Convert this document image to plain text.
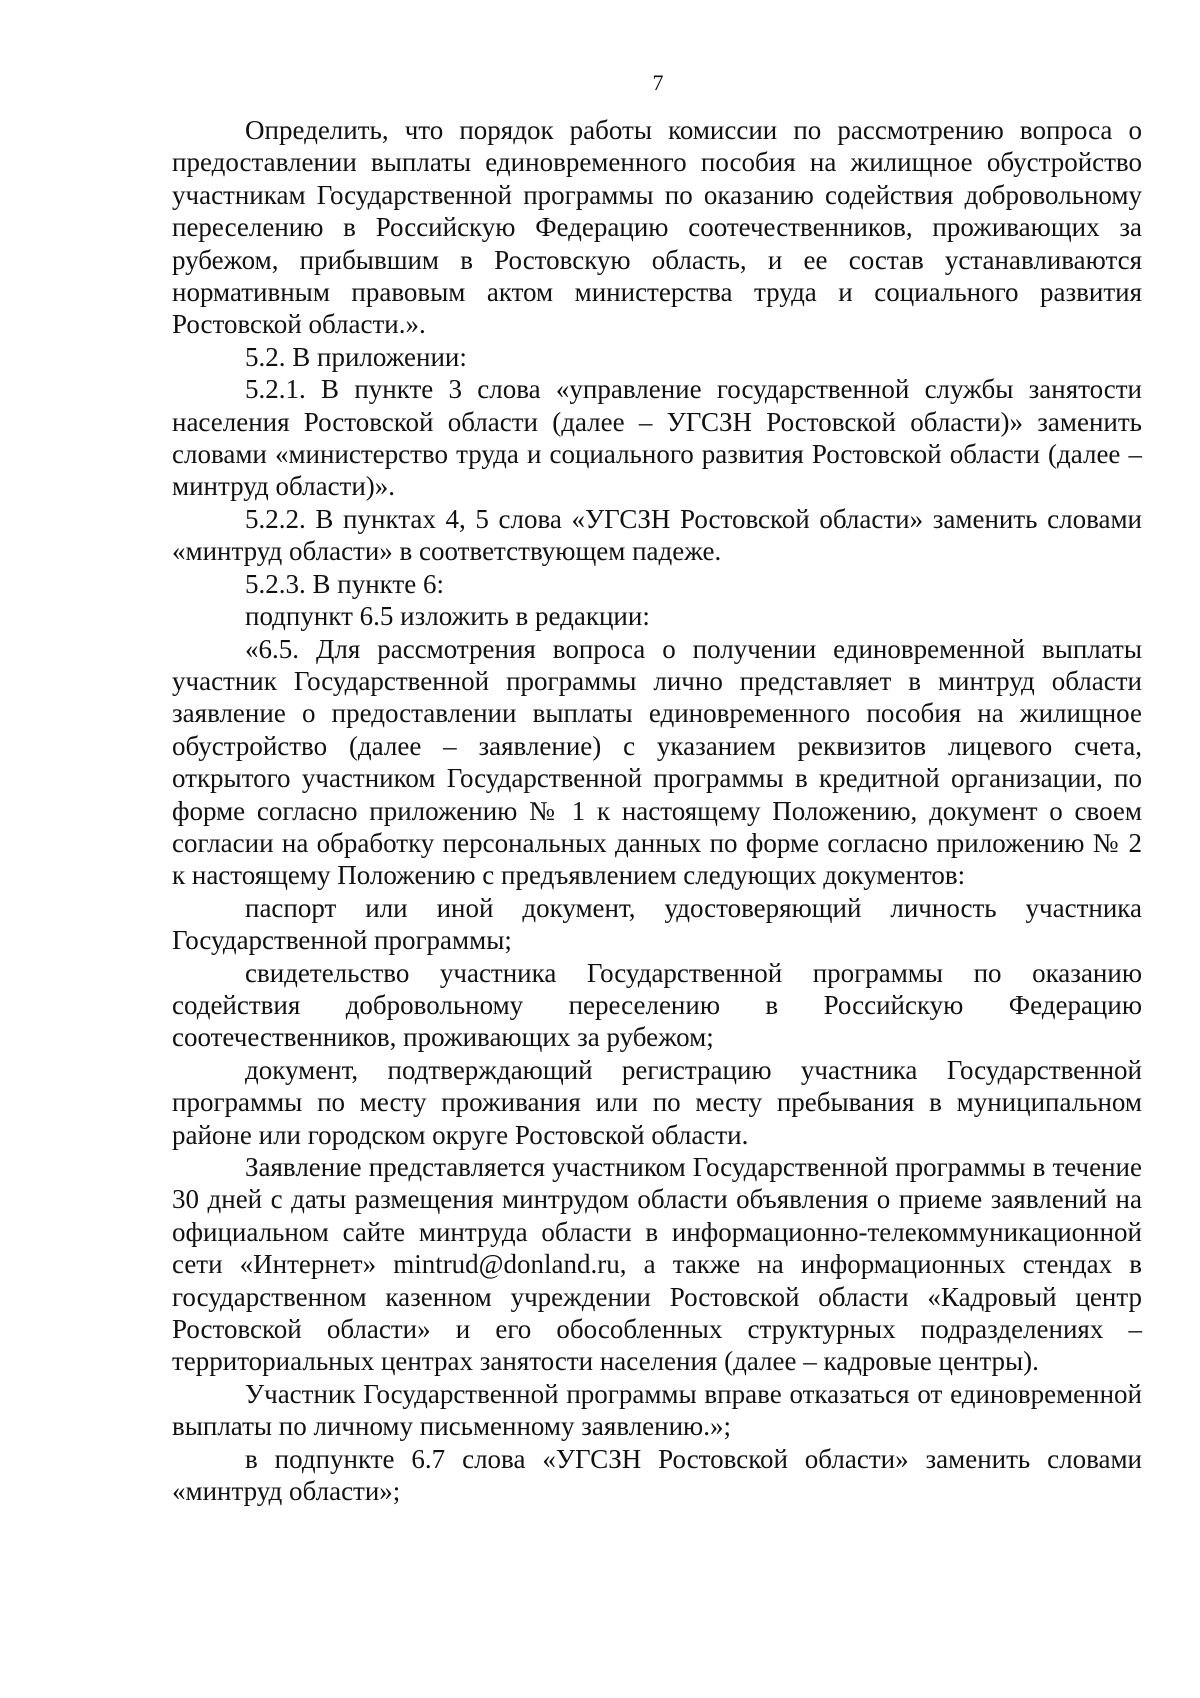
7

Определить, что порядок работы комиссии по рассмотрению вопроса о предоставлении выплаты единовременного пособия на жилищное обустройство участникам Государственной программы по оказанию содействия добровольному переселению в Российскую Федерацию соотечественников, проживающих за рубежом, прибывшим в Ростовскую область, и ее состав устанавливаются нормативным правовым актом министерства труда и социального развития Ростовской области.».

5.2. В приложении:

5.2.1. В пункте 3 слова «управление государственной службы занятости населения Ростовской области (далее – УГСЗН Ростовской области)» заменить словами «министерство труда и социального развития Ростовской области (далее – минтруд области)».

5.2.2. В пунктах 4, 5 слова «УГСЗН Ростовской области» заменить словами «минтруд области» в соответствующем падеже.

5.2.3. В пункте 6:

подпункт 6.5 изложить в редакции:

«6.5. Для рассмотрения вопроса о получении единовременной выплаты участник Государственной программы лично представляет в минтруд области заявление о предоставлении выплаты единовременного пособия на жилищное обустройство (далее – заявление) с указанием реквизитов лицевого счета, открытого участником Государственной программы в кредитной организации, по форме согласно приложению № 1 к настоящему Положению, документ о своем согласии на обработку персональных данных по форме согласно приложению № 2 к настоящему Положению с предъявлением следующих документов:

паспорт или иной документ, удостоверяющий личность участника Государственной программы;

свидетельство участника Государственной программы по оказанию содействия добровольному переселению в Российскую Федерацию соотечественников, проживающих за рубежом;

документ, подтверждающий регистрацию участника Государственной программы по месту проживания или по месту пребывания в муниципальном районе или городском округе Ростовской области.

Заявление представляется участником Государственной программы в течение 30 дней с даты размещения минтрудом области объявления о приеме заявлений на официальном сайте минтруда области в информационно-телекоммуникационной сети «Интернет» mintrud@donland.ru, а также на информационных стендах в государственном казенном учреждении Ростовской области «Кадровый центр Ростовской области» и его обособленных структурных подразделениях – территориальных центрах занятости населения (далее – кадровые центры).

Участник Государственной программы вправе отказаться от единовременной выплаты по личному письменному заявлению.»;

в подпункте 6.7 слова «УГСЗН Ростовской области» заменить словами «минтруд области»;
